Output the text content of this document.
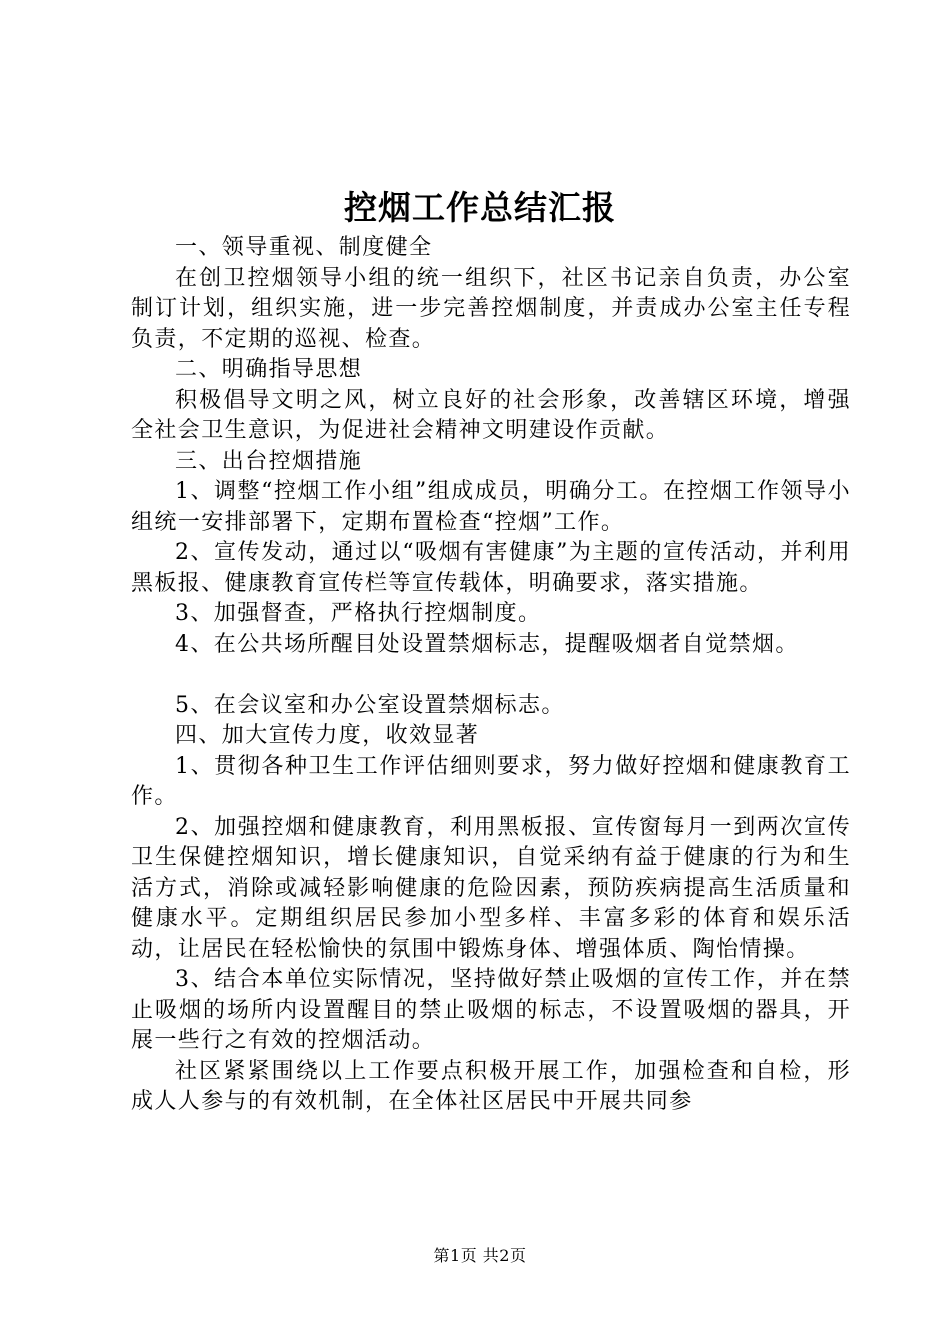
控烟工作总结汇报

一、领导重视、制度健全

在创卫控烟领导小组的统一组织下，社区书记亲自负责，办公室制订计划，组织实施，进一步完善控烟制度，并责成办公室主任专程负责，不定期的巡视、检查。

二、明确指导思想

积极倡导文明之风，树立良好的社会形象，改善辖区环境，增强全社会卫生意识，为促进社会精神文明建设作贡献。

三、出台控烟措施

1、调整“控烟工作小组”组成成员，明确分工。在控烟工作领导小组统一安排部署下，定期布置检查“控烟”工作。

2、宣传发动，通过以“吸烟有害健康”为主题的宣传活动，并利用黑板报、健康教育宣传栏等宣传载体，明确要求，落实措施。

3、加强督查，严格执行控烟制度。

4、在公共场所醒目处设置禁烟标志，提醒吸烟者自觉禁烟。

5、在会议室和办公室设置禁烟标志。

四、加大宣传力度，收效显著

1、贯彻各种卫生工作评估细则要求，努力做好控烟和健康教育工作。

2、加强控烟和健康教育，利用黑板报、宣传窗每月一到两次宣传卫生保健控烟知识，增长健康知识，自觉采纳有益于健康的行为和生活方式，消除或减轻影响健康的危险因素，预防疾病提高生活质量和健康水平。定期组织居民参加小型多样、丰富多彩的体育和娱乐活动，让居民在轻松愉快的氛围中锻炼身体、增强体质、陶怡情操。

3、结合本单位实际情况，坚持做好禁止吸烟的宣传工作，并在禁止吸烟的场所内设置醒目的禁止吸烟的标志，不设置吸烟的器具，开展一些行之有效的控烟活动。

社区紧紧围绕以上工作要点积极开展工作，加强检查和自检，形成人人参与的有效机制，在全体社区居民中开展共同参

第1页 共2页
